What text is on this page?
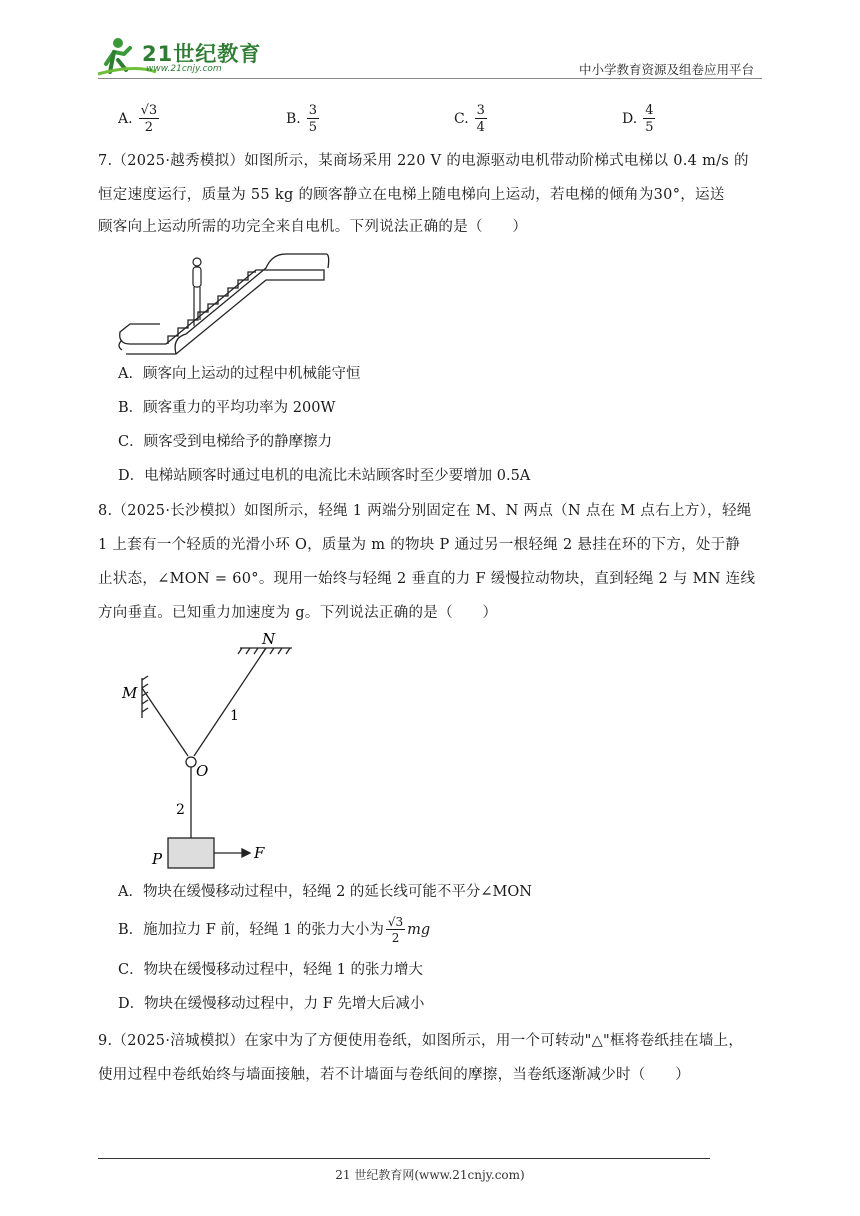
21世纪教育
www.21cnjy.com	中小学教育资源及组卷应用平台
A. $\frac{√3}{2}$	B. $\frac{3}{5}$	C. $\frac{3}{4}$	D. $\frac{4}{5}$
7.（2025·越秀模拟）如图所示，某商场采用 220 V 的电源驱动电机带动阶梯式电梯以 0.4 m/s 的
恒定速度运行，质量为 55 kg 的顾客静立在电梯上随电梯向上运动，若电梯的倾角为30°，运送
顾客向上运动所需的功完全来自电机。下列说法正确的是（　　）
A．顾客向上运动的过程中机械能守恒
B．顾客重力的平均功率为 200W
C．顾客受到电梯给予的静摩擦力
D．电梯站顾客时通过电机的电流比未站顾客时至少要增加 0.5A
8.（2025·长沙模拟）如图所示，轻绳 1 两端分别固定在 M、N 两点（N 点在 M 点右上方），轻绳
1 上套有一个轻质的光滑小环 O，质量为 m 的物块 P 通过另一根轻绳 2 悬挂在环的下方，处于静
止状态，∠MON = 60°。现用一始终与轻绳 2 垂直的力 F 缓慢拉动物块，直到轻绳 2 与 MN 连线
方向垂直。已知重力加速度为 g。下列说法正确的是（　　）
N
M
1
O
2
P	F
A．物块在缓慢移动过程中，轻绳 2 的延长线可能不平分∠MON
B．施加拉力 F 前，轻绳 1 的张力大小为 $\frac{√3}{2}$ mg
C．物块在缓慢移动过程中，轻绳 1 的张力增大
D．物块在缓慢移动过程中，力 F 先增大后减小
9.（2025·涪城模拟）在家中为了方便使用卷纸，如图所示，用一个可转动"△"框将卷纸挂在墙上，
使用过程中卷纸始终与墙面接触，若不计墙面与卷纸间的摩擦，当卷纸逐渐减少时（　　）
21 世纪教育网(www.21cnjy.com)
